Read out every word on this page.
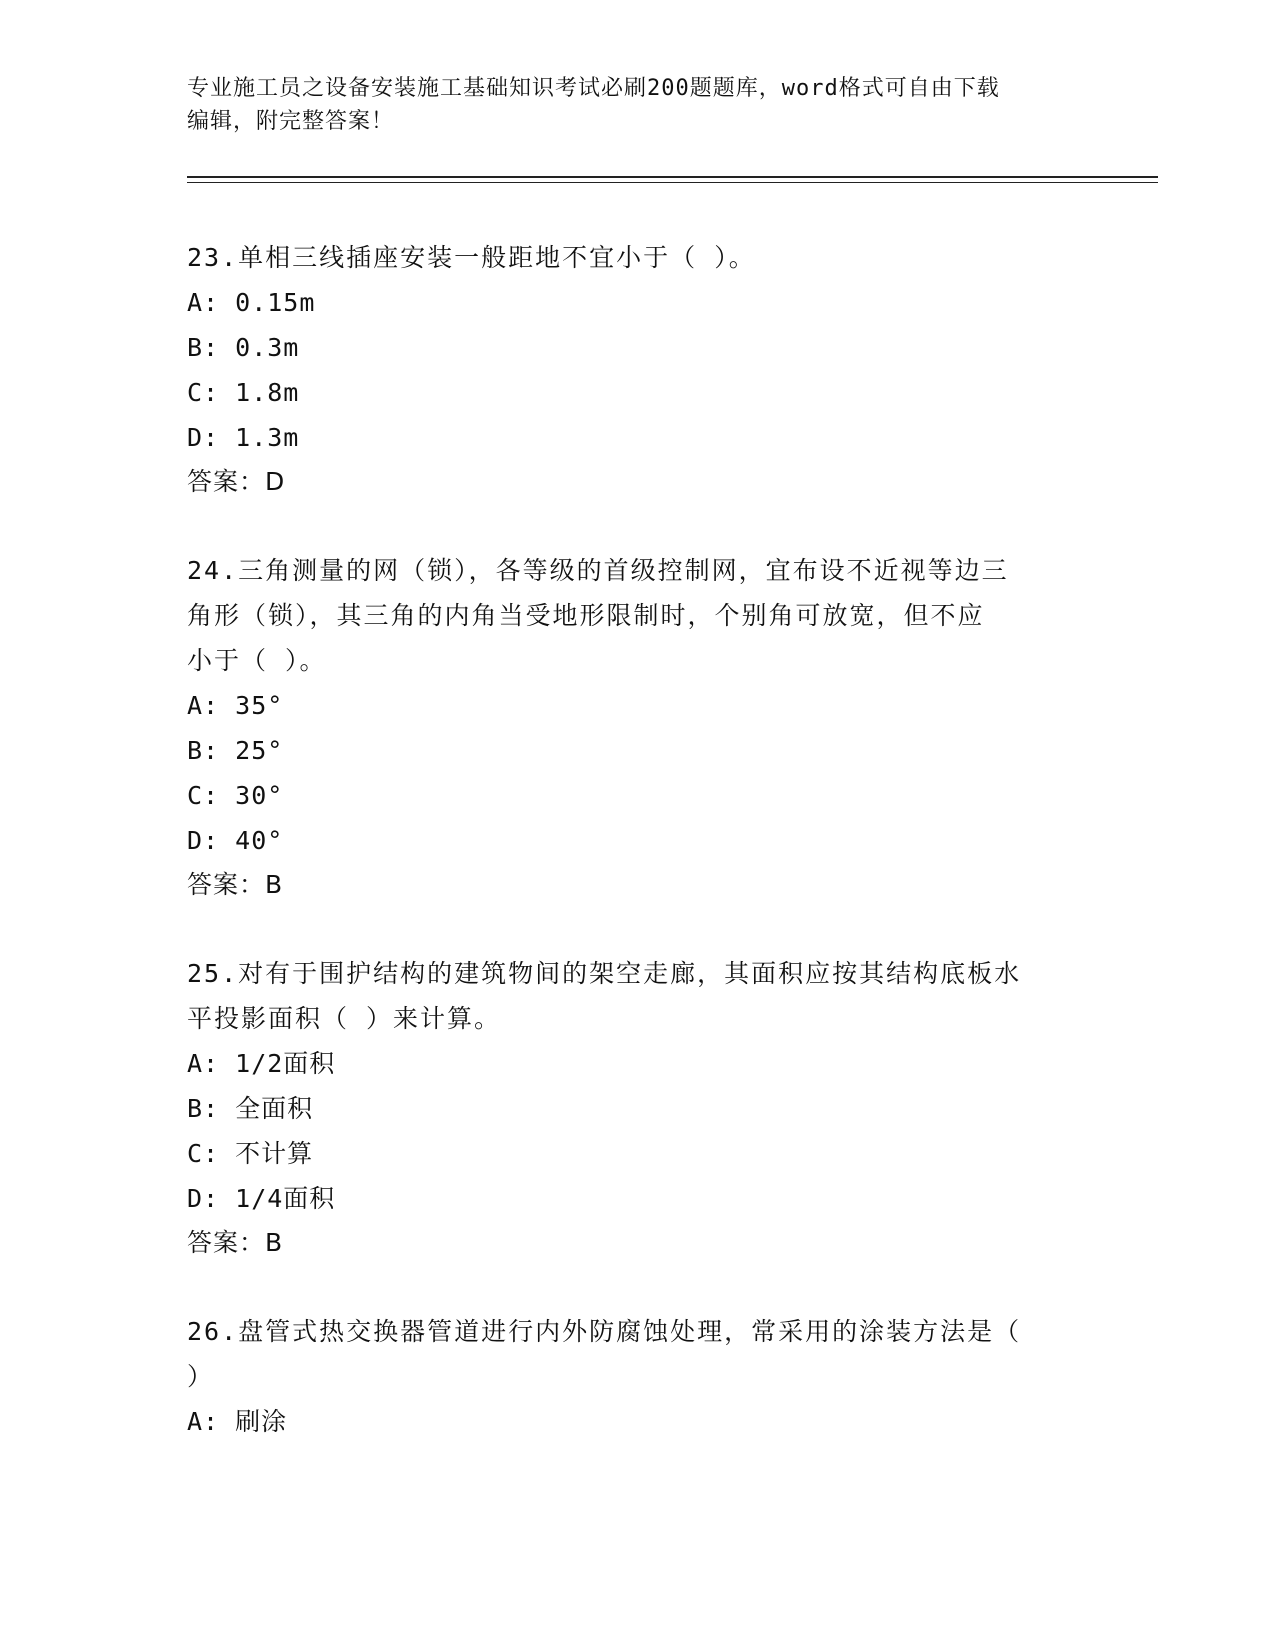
专业施工员之设备安装施工基础知识考试必刷200题题库，word格式可自由下载
编辑，附完整答案！
23.单相三线插座安装一般距地不宜小于（ ）。
A: 0.15m
B: 0.3m
C: 1.8m
D: 1.3m
答案：D
24.三角测量的网（锁），各等级的首级控制网，宜布设不近视等边三
角形（锁），其三角的内角当受地形限制时，个别角可放宽，但不应
小于（ ）。
A: 35°
B: 25°
C: 30°
D: 40°
答案：B
25.对有于围护结构的建筑物间的架空走廊，其面积应按其结构底板水
平投影面积（ ）来计算。
A: 1/2面积
B: 全面积
C: 不计算
D: 1/4面积
答案：B
26.盘管式热交换器管道进行内外防腐蚀处理，常采用的涂装方法是（
）
A: 刷涂
